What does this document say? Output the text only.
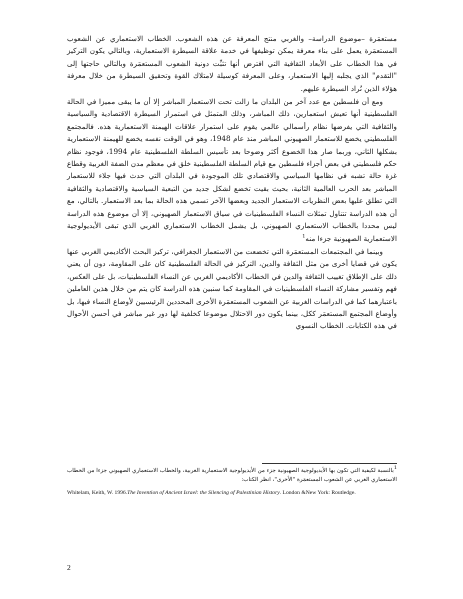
مستعمَرة –موضوع الدراسة– والغربي منتج المعرفة عن هذه الشعوب. الخطاب الاستعماري عن الشعوب المستعمَرة يعمل على بناء معرفة يمكن توظيفها في خدمة علاقة السيطرة الاستعمارية، وبالتالي يكون التركيز في هذا الخطاب على الأبعاد الثقافية التي افترض أنها تثبِّت دونية الشعوب المستعمَرة وبالتالي حاجتها إلى "التقدم" الذي يجلبه إليها الاستعمار، وعلى المعرفة كوسيلة لامتلاك القوة وتحقيق السيطرة من خلال معرفة هؤلاء الذين نُراد السيطرة عليهم.

ومع أن فلسطين مع عدد آخر من البلدان ما زالت تحت الاستعمار المباشر إلا أن ما يبقى مميزا في الحالة الفلسطينية أنها تعيش استعمارين، ذلك المباشر، وذلك المتمثل في استمرار السيطرة الاقتصادية والسياسية والثقافية التي يفرضها نظام رأسمالي عالمي يقوم على استمرار علاقات الهيمنة الاستعمارية هذه. فالمجتمع الفلسطيني يخضع للاستعمار الصهيوني المباشر منذ عام 1948، وهو في الوقت نفسه يخضع للهيمنة الاستعمارية بشكلها الثاني، وربما صار هذا الخضوع أكثر وضوحا بعد تأسيس السلطة الفلسطينية عام 1994، فوجود نظام حكم فلسطيني في بعض أجزاء فلسطين مع قيام السلطة الفلسطينية خلق في معظم مدن الضفة الغربية وقطاع غزة حالة تشبه في نظامها السياسي والاقتصادي تلك الموجودة في البلدان التي حدث فيها جلاء للاستعمار المباشر بعد الحرب العالمية الثانية، بحيث بقيت تخضع لشكل جديد من التبعية السياسية والاقتصادية والثقافية التي تطلق عليها بعض النظريات الاستعمار الجديد وبعضها الآخر تسمي هذه الحالة بما بعد الاستعمار. بالتالي، مع أن هذه الدراسة تتناول تمثلات النساء الفلسطينيات في سياق الاستعمار الصهيوني، إلا أن موضوع هذه الدراسة ليس محددا بالخطاب الاستعماري الصهيوني، بل يشمل الخطاب الاستعماري الغربي الذي تبقى الأيديولوجية الاستعمارية الصهيونية جزءا منه$^1$

وبينما في المجتمعات المستعمَرة التي تخضعت من الاستعمار الجغرافي، تركيز البحث الأكاديمي الغربي عنها يكون في قضايا أخرى من مثل الثقافة والدين، التركيز في الحالة الفلسطينية كان على المقاومة، دون أن يعني ذلك على الإطلاق تغييب الثقافة والدين في الخطاب الأكاديمي الغربي عن النساء الفلسطينيات، بل على العكس، فهم وتفسير مشاركة النساء الفلسطينيات في المقاومة كما سنبين هذه الدراسة كان يتم من خلال هذين العاملين باعتبارهما كما في الدراسات الغربية عن الشعوب المستعمَرة الأخرى المحددين الرئيسيين لأوضاع النساء فيها، بل وأوضاع المجتمع المستعمَر ككل، بينما يكون دور الاحتلال موضوعا كخلفية لها دور غير مباشر في أحسن الأحوال في هذه الكتابات. الخطاب النسوي

1بالنسبة لكيفية التي تكون بها الأيديولوجية الصهيونية جزء من الأيديولوجية الاستعمارية الغربية، والخطاب الاستعماري الصهيوني جزءا من الخطاب الاستعماري الغربي عن الشعوب المستعمَرة "الأخرى"، انظر الكتاب:
Whitelam, Keith, W. 1996.The Invention of Ancient Israel: the Silencing of Palestinian History. London &New York: Routledge.
2
